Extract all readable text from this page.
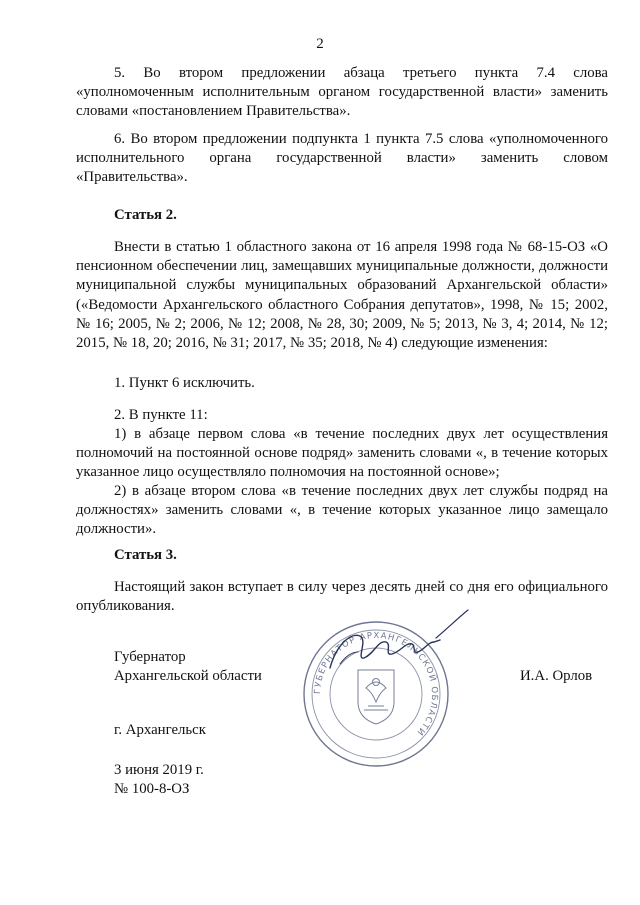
2

5. Во втором предложении абзаца третьего пункта 7.4 слова «уполномоченным исполнительным органом государственной власти» заменить словами «постановлением Правительства».

6. Во втором предложении подпункта 1 пункта 7.5 слова «уполномоченного исполнительного органа государственной власти» заменить словом «Правительства».

Статья 2.

Внести в статью 1 областного закона от 16 апреля 1998 года № 68-15-ОЗ «О пенсионном обеспечении лиц, замещавших муниципальные должности, должности муниципальной службы муниципальных образований Архангельской области» («Ведомости Архангельского областного Собрания депутатов», 1998, № 15; 2002, № 16; 2005, № 2; 2006, № 12; 2008, № 28, 30; 2009, № 5; 2013, № 3, 4; 2014, № 12; 2015, № 18, 20; 2016, № 31; 2017, № 35; 2018, № 4) следующие изменения:

1. Пункт 6 исключить.
2. В пункте 11:

1) в абзаце первом слова «в течение последних двух лет осуществления полномочий на постоянной основе подряд» заменить словами «, в течение которых указанное лицо осуществляло полномочия на постоянной основе»;

2) в абзаце втором слова «в течение последних двух лет службы подряд на должностях» заменить словами «, в течение которых указанное лицо замещало должности».

Статья 3.

Настоящий закон вступает в силу через десять дней со дня его официального опубликования.

ГУБЕРНАТОР АРХАНГЕЛЬСКОЙ ОБЛАСТИ
Губернатор
Архангельской области	И.А. Орлов
г. Архангельск
3 июня 2019 г.
№ 100-8-ОЗ
